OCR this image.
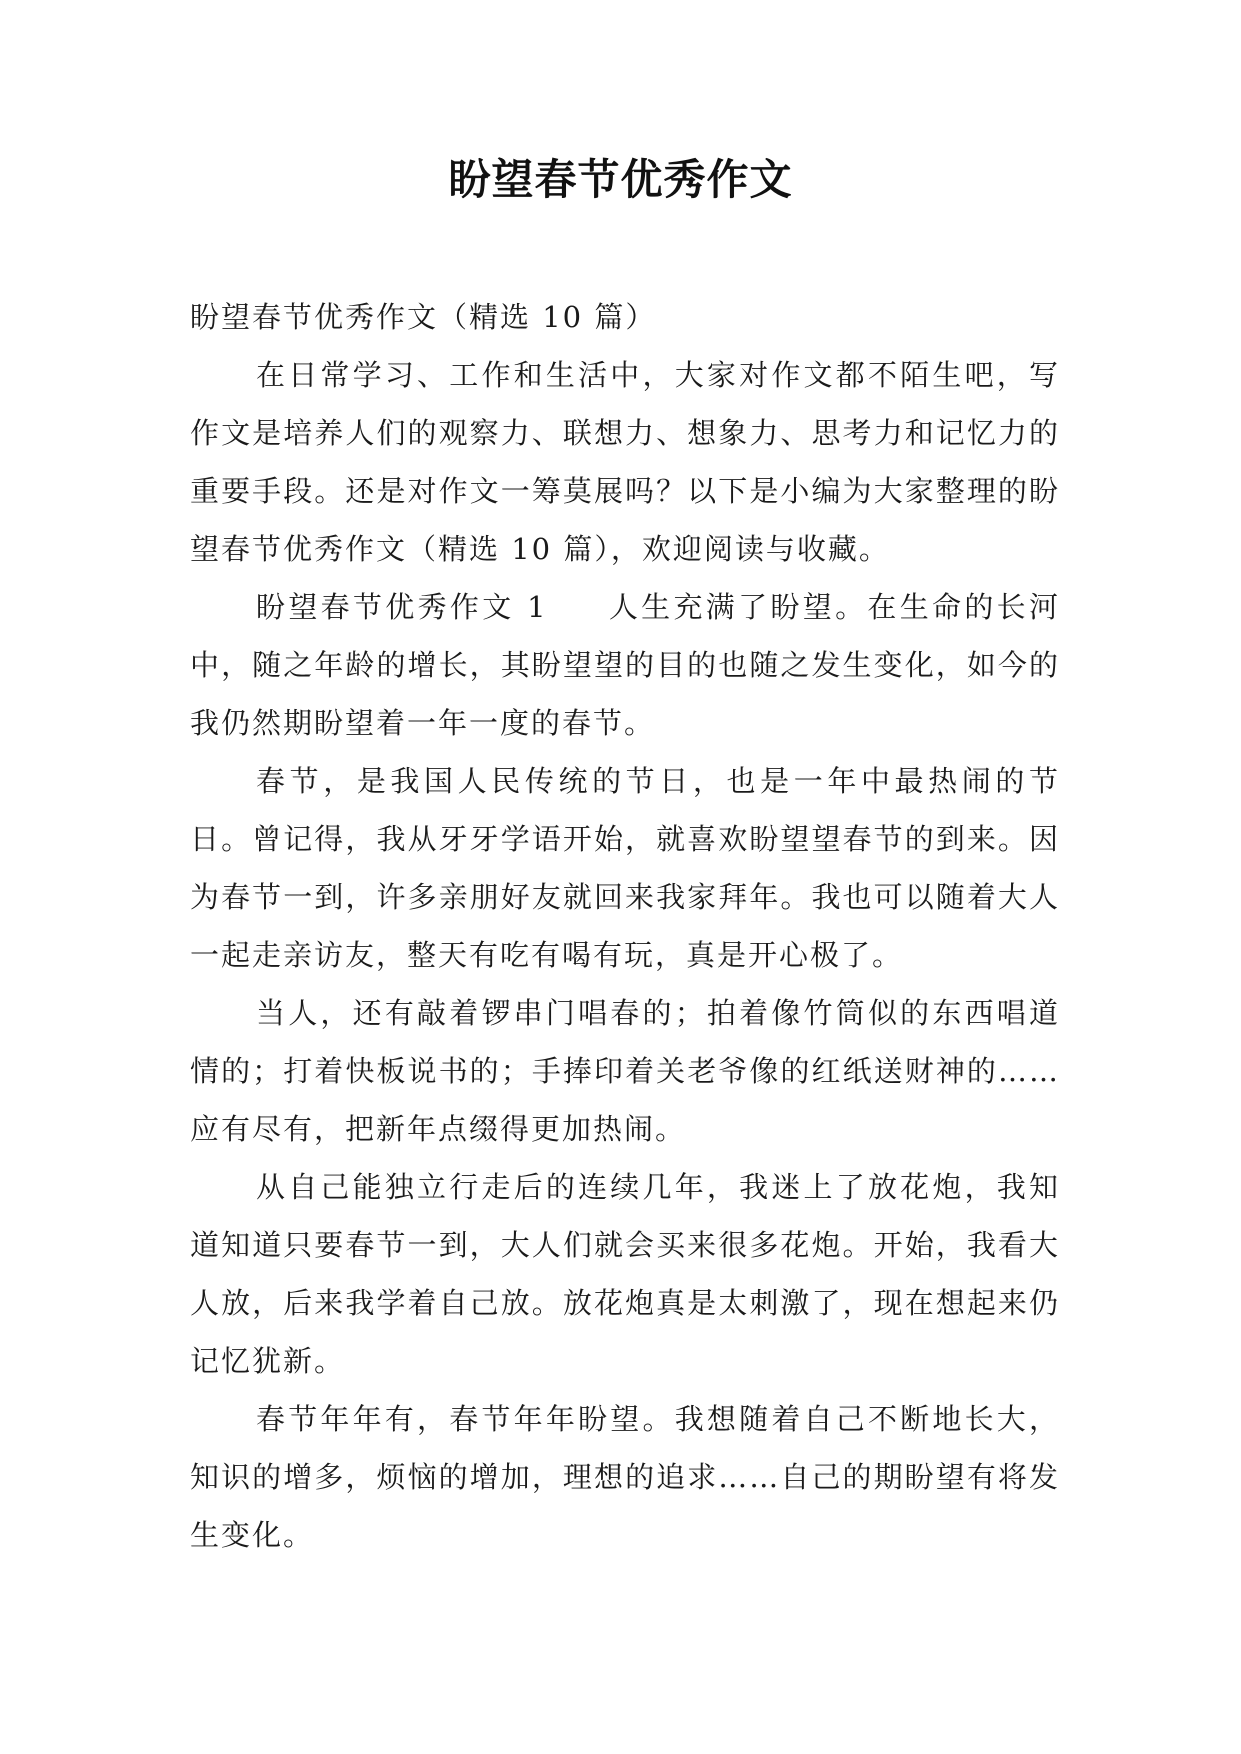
盼望春节优秀作文

盼望春节优秀作文（精选 10 篇）

在日常学习、工作和生活中，大家对作文都不陌生吧，写作文是培养人们的观察力、联想力、想象力、思考力和记忆力的重要手段。还是对作文一筹莫展吗？以下是小编为大家整理的盼望春节优秀作文（精选 10 篇），欢迎阅读与收藏。

盼望春节优秀作文 1 人生充满了盼望。在生命的长河中，随之年龄的增长，其盼望望的目的也随之发生变化，如今的我仍然期盼望着一年一度的春节。

春节，是我国人民传统的节日，也是一年中最热闹的节日。曾记得，我从牙牙学语开始，就喜欢盼望望春节的到来。因为春节一到，许多亲朋好友就回来我家拜年。我也可以随着大人一起走亲访友，整天有吃有喝有玩，真是开心极了。

当人，还有敲着锣串门唱春的；拍着像竹筒似的东西唱道情的；打着快板说书的；手捧印着关老爷像的红纸送财神的……应有尽有，把新年点缀得更加热闹。

从自己能独立行走后的连续几年，我迷上了放花炮，我知道知道只要春节一到，大人们就会买来很多花炮。开始，我看大人放，后来我学着自己放。放花炮真是太刺激了，现在想起来仍记忆犹新。

春节年年有，春节年年盼望。我想随着自己不断地长大，知识的增多，烦恼的增加，理想的追求……自己的期盼望有将发生变化。
